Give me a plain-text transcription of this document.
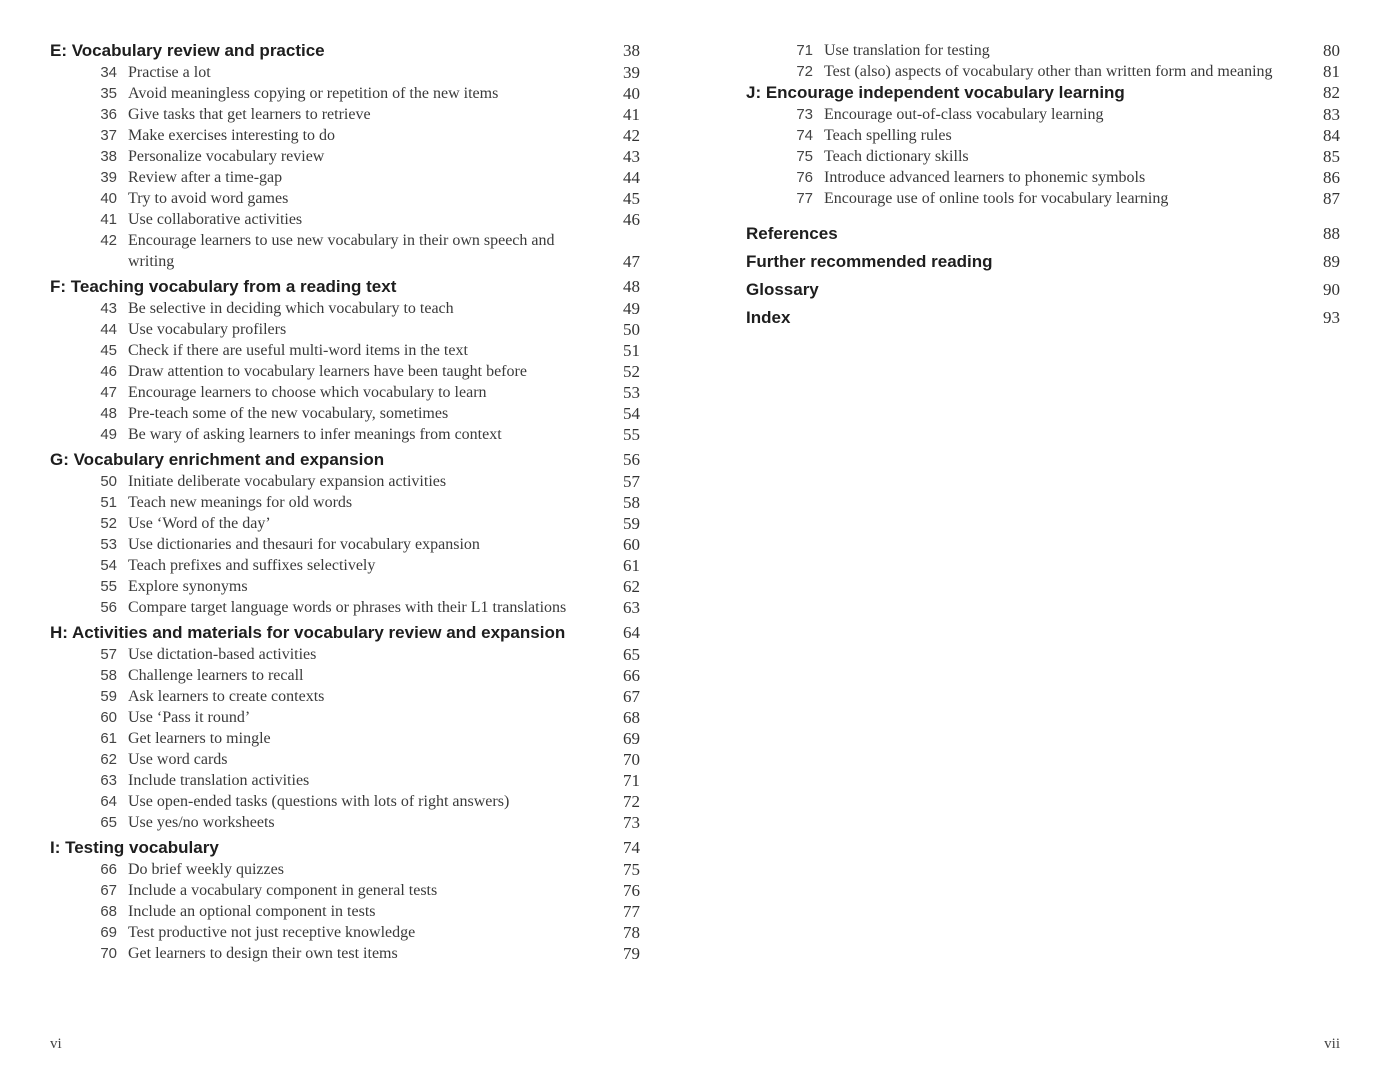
E: Vocabulary review and practice	38
34 Practise a lot	39
35 Avoid meaningless copying or repetition of the new items	40
36 Give tasks that get learners to retrieve	41
37 Make exercises interesting to do	42
38 Personalize vocabulary review	43
39 Review after a time-gap	44
40 Try to avoid word games	45
41 Use collaborative activities	46
42 Encourage learners to use new vocabulary in their own speech and writing	47
F: Teaching vocabulary from a reading text	48
43 Be selective in deciding which vocabulary to teach	49
44 Use vocabulary profilers	50
45 Check if there are useful multi-word items in the text	51
46 Draw attention to vocabulary learners have been taught before	52
47 Encourage learners to choose which vocabulary to learn	53
48 Pre-teach some of the new vocabulary, sometimes	54
49 Be wary of asking learners to infer meanings from context	55
G: Vocabulary enrichment and expansion	56
50 Initiate deliberate vocabulary expansion activities	57
51 Teach new meanings for old words	58
52 Use ‘Word of the day’	59
53 Use dictionaries and thesauri for vocabulary expansion	60
54 Teach prefixes and suffixes selectively	61
55 Explore synonyms	62
56 Compare target language words or phrases with their L1 translations	63
H: Activities and materials for vocabulary review and expansion	64
57 Use dictation-based activities	65
58 Challenge learners to recall	66
59 Ask learners to create contexts	67
60 Use ‘Pass it round’	68
61 Get learners to mingle	69
62 Use word cards	70
63 Include translation activities	71
64 Use open-ended tasks (questions with lots of right answers)	72
65 Use yes/no worksheets	73
I: Testing vocabulary	74
66 Do brief weekly quizzes	75
67 Include a vocabulary component in general tests	76
68 Include an optional component in tests	77
69 Test productive not just receptive knowledge	78
70 Get learners to design their own test items	79
71 Use translation for testing	80
72 Test (also) aspects of vocabulary other than written form and meaning	81
J: Encourage independent vocabulary learning	82
73 Encourage out-of-class vocabulary learning	83
74 Teach spelling rules	84
75 Teach dictionary skills	85
76 Introduce advanced learners to phonemic symbols	86
77 Encourage use of online tools for vocabulary learning	87
References	88
Further recommended reading	89
Glossary	90
Index	93
vi	vii
